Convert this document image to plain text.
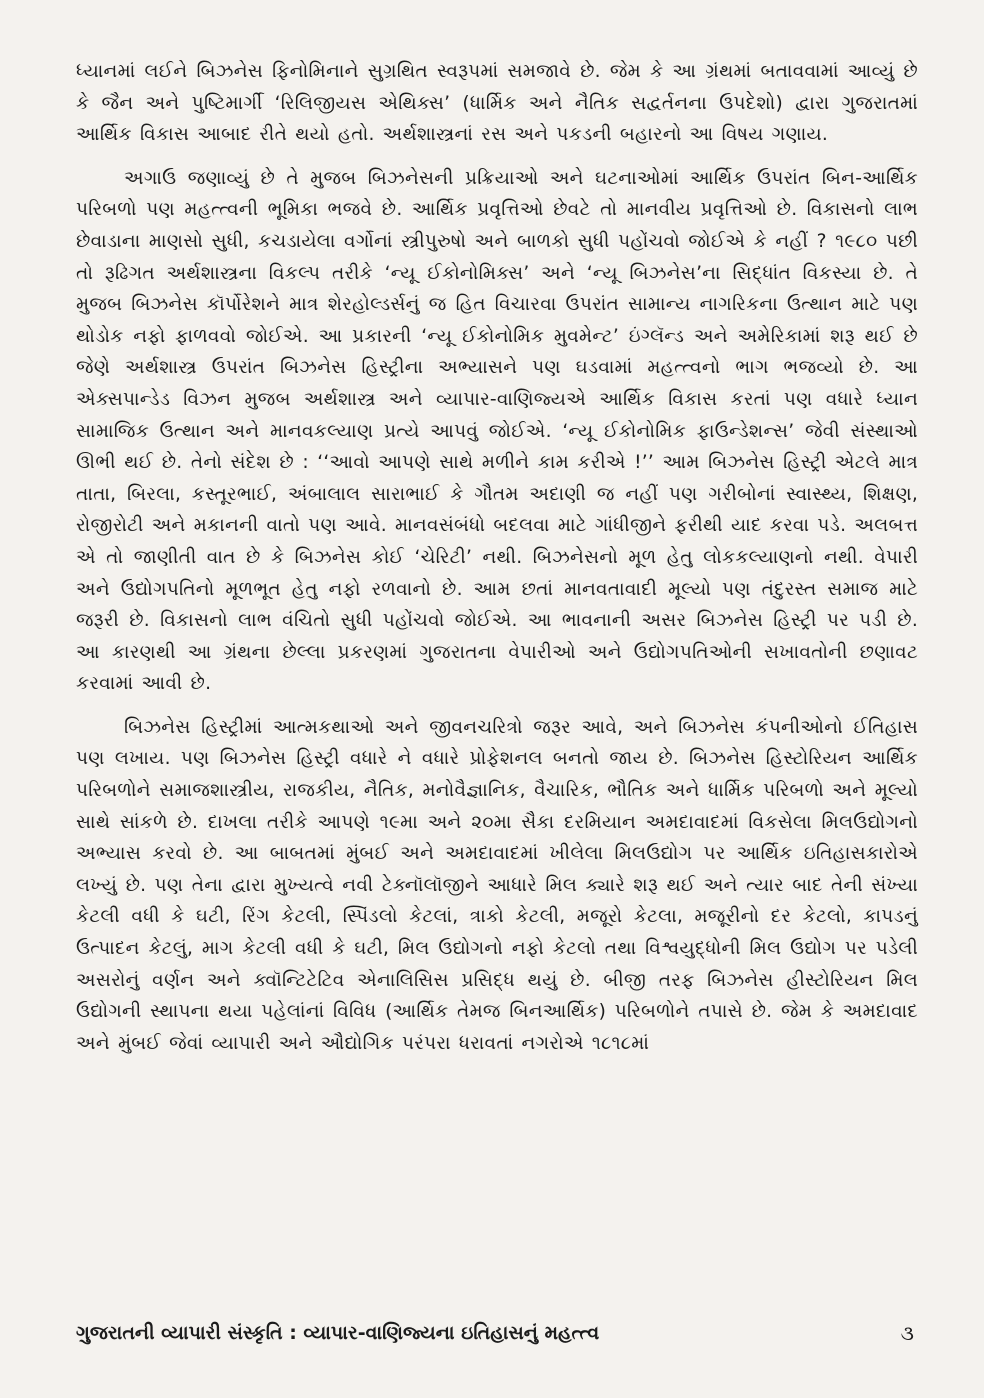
ધ્યાનમાં લઈને બિઝનેસ ફિનોમિનાને સુગ્રથિત સ્વરૂપમાં સમજાવે છે. જેમ કે આ ગ્રંથમાં બતાવવામાં આવ્યું છે કે જૈન અને પુષ્ટિમાર્ગી ‘રિલિજીયસ એથિક્સ’ (ધાર્મિક અને નૈતિક સદ્વર્તનના ઉપદેશો) દ્વારા ગુજરાતમાં આર્થિક વિકાસ આબાદ રીતે થયો હતો. અર્થશાસ્ત્રનાં રસ અને પકડની બહારનો આ વિષય ગણાય.

અગાઉ જણાવ્યું છે તે મુજબ બિઝનેસની પ્રક્રિયાઓ અને ઘટનાઓમાં આર્થિક ઉપરાંત બિન-આર્થિક પરિબળો પણ મહત્ત્વની ભૂમિકા ભજવે છે. આર્થિક પ્રવૃત્તિઓ છેવટે તો માનવીય પ્રવૃત્તિઓ છે. વિકાસનો લાભ છેવાડાના માણસો સુધી, કચડાયેલા વર્ગોનાં સ્ત્રીપુરુષો અને બાળકો સુધી પહોંચવો જોઈએ કે નહીં ? ૧૯૮૦ પછી તો રૂઢિગત અર્થશાસ્ત્રના વિકલ્પ તરીકે ‘ન્યૂ ઈકોનોમિક્સ’ અને ‘ન્યૂ બિઝનેસ’ના સિદ્ધાંત વિકસ્યા છે. તે મુજબ બિઝનેસ કૉર્પોરેશને માત્ર શેરહોલ્ડર્સનું જ હિત વિચારવા ઉપરાંત સામાન્ય નાગરિકના ઉત્થાન માટે પણ થોડોક નફો ફાળવવો જોઈએ. આ પ્રકારની ‘ન્યૂ ઈકોનોમિક મુવમેન્ટ’ ઇંગ્લૅન્ડ અને અમેરિકામાં શરૂ થઈ છે જેણે અર્થશાસ્ત્ર ઉપરાંત બિઝનેસ હિસ્ટ્રીના અભ્યાસને પણ ઘડવામાં મહત્ત્વનો ભાગ ભજવ્યો છે. આ એક્સપાન્ડેડ વિઝન મુજબ અર્થશાસ્ત્ર અને વ્યાપાર-વાણિજ્યએ આર્થિક વિકાસ કરતાં પણ વધારે ધ્યાન સામાજિક ઉત્થાન અને માનવકલ્યાણ પ્રત્યે આપવું જોઈએ. ‘ન્યૂ ઈકોનોમિક ફાઉન્ડેશન્સ’ જેવી સંસ્થાઓ ઊભી થઈ છે. તેનો સંદેશ છે : ‘‘આવો આપણે સાથે મળીને કામ કરીએ !’’ આમ બિઝનેસ હિસ્ટ્રી એટલે માત્ર તાતા, બિરલા, કસ્તૂરભાઈ, અંબાલાલ સારાભાઈ કે ગૌતમ અદાણી જ નહીં પણ ગરીબોનાં સ્વાસ્થ્ય, શિક્ષણ, રોજીરોટી અને મકાનની વાતો પણ આવે. માનવસંબંધો બદલવા માટે ગાંધીજીને ફરીથી યાદ કરવા પડે. અલબત્ત એ તો જાણીતી વાત છે કે બિઝનેસ કોઈ ‘ચેરિટી’ નથી. બિઝનેસનો મૂળ હેતુ લોકકલ્યાણનો નથી. વેપારી અને ઉદ્યોગપતિનો મૂળભૂત હેતુ નફો રળવાનો છે. આમ છતાં માનવતાવાદી મૂલ્યો પણ તંદુરસ્ત સમાજ માટે જરૂરી છે. વિકાસનો લાભ વંચિતો સુધી પહોંચવો જોઈએ. આ ભાવનાની અસર બિઝનેસ હિસ્ટ્રી પર પડી છે. આ કારણથી આ ગ્રંથના છેલ્લા પ્રકરણમાં ગુજરાતના વેપારીઓ અને ઉદ્યોગપતિઓની સખાવતોની છણાવટ કરવામાં આવી છે.

બિઝનેસ હિસ્ટ્રીમાં આત્મકથાઓ અને જીવનચરિત્રો જરૂર આવે, અને બિઝનેસ કંપનીઓનો ઈતિહાસ પણ લખાય. પણ બિઝનેસ હિસ્ટ્રી વધારે ને વધારે પ્રોફેશનલ બનતો જાય છે. બિઝનેસ હિસ્ટોરિયન આર્થિક પરિબળોને સમાજશાસ્ત્રીય, રાજકીય, નૈતિક, મનોવૈજ્ઞાનિક, વૈચારિક, ભૌતિક અને ધાર્મિક પરિબળો અને મૂલ્યો સાથે સાંકળે છે. દાખલા તરીકે આપણે ૧૯મા અને ૨૦મા સૈકા દરમિયાન અમદાવાદમાં વિકસેલા મિલઉદ્યોગનો અભ્યાસ કરવો છે. આ બાબતમાં મુંબઈ અને અમદાવાદમાં ખીલેલા મિલઉદ્યોગ પર આર્થિક ઇતિહાસકારોએ લખ્યું છે. પણ તેના દ્વારા મુખ્યત્વે નવી ટેક્નૉલૉજીને આધારે મિલ ક્યારે શરૂ થઈ અને ત્યાર બાદ તેની સંખ્યા કેટલી વધી કે ઘટી, રિંગ કેટલી, સ્પિંડલો કેટલાં, ત્રાકો કેટલી, મજૂરો કેટલા, મજૂરીનો દર કેટલો, કાપડનું ઉત્પાદન કેટલું, માગ કેટલી વધી કે ઘટી, મિલ ઉદ્યોગનો નફો કેટલો તથા વિશ્વયુદ્ધોની મિલ ઉદ્યોગ પર પડેલી અસરોનું વર્ણન અને ક્વૉન્ટિટેટિવ એનાલિસિસ પ્રસિદ્ધ થયું છે. બીજી તરફ બિઝનેસ હીસ્ટોરિયન મિલ ઉદ્યોગની સ્થાપના થયા પહેલાંનાં વિવિધ (આર્થિક તેમજ બિનઆર્થિક) પરિબળોને તપાસે છે. જેમ કે અમદાવાદ અને મુંબઈ જેવાં વ્યાપારી અને ઔદ્યોગિક પરંપરા ધરાવતાં નગરોએ ૧૮૧૮માં

ગુજરાતની વ્યાપારી સંસ્કૃતિ : વ્યાપાર-વાણિજ્યના ઇતિહાસનું મહત્ત્વ	૩
